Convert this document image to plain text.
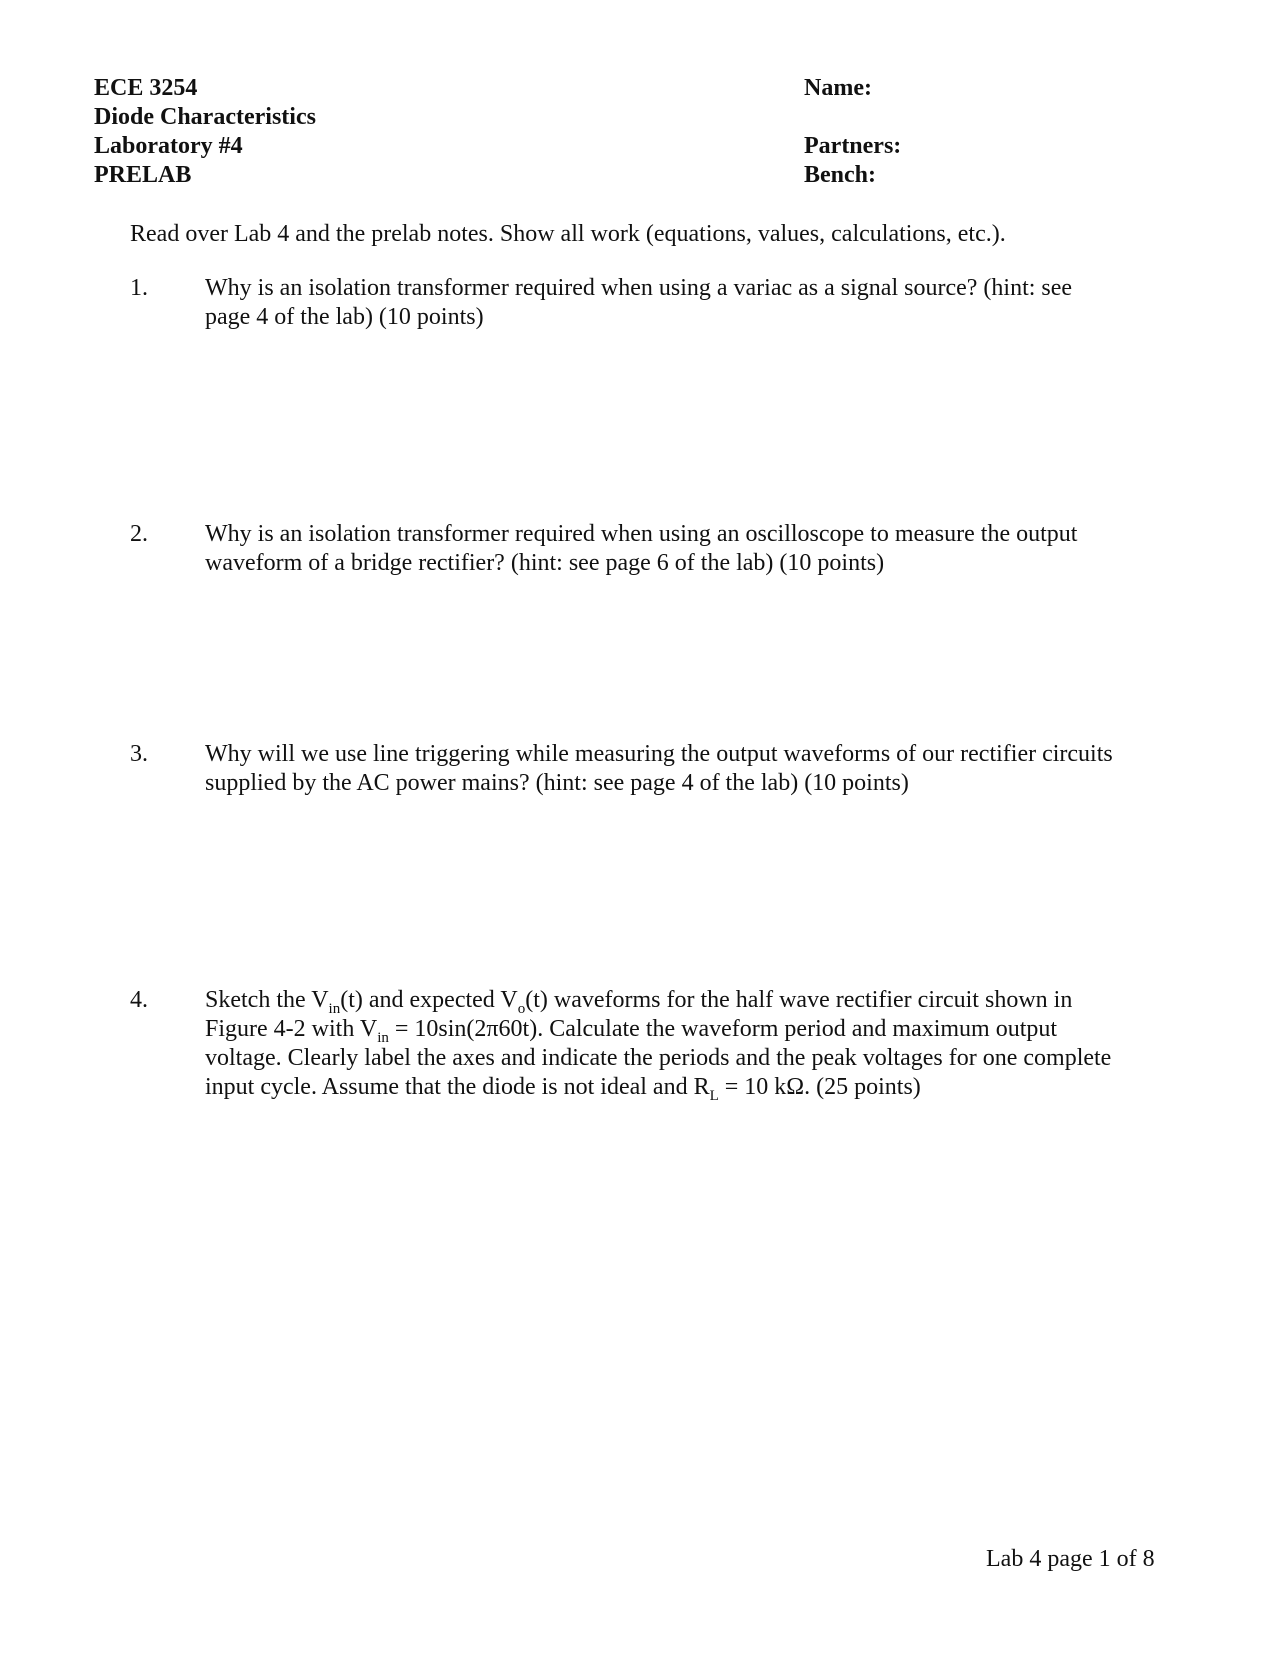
ECE 3254
Diode Characteristics
Laboratory #4
PRELAB
Name:
Partners:
Bench:
Read over Lab 4 and the prelab notes. Show all work (equations, values, calculations, etc.).
1. Why is an isolation transformer required when using a variac as a signal source? (hint: see
page 4 of the lab) (10 points)
2. Why is an isolation transformer required when using an oscilloscope to measure the output
waveform of a bridge rectifier? (hint: see page 6 of the lab) (10 points)
3. Why will we use line triggering while measuring the output waveforms of our rectifier circuits
supplied by the AC power mains? (hint: see page 4 of the lab) (10 points)
4. Sketch the $V_{in}(t)$ and expected $V_o(t)$ waveforms for the half wave rectifier circuit shown in
Figure 4-2 with $V_{in} = 10\sin(2\pi 60t)$. Calculate the waveform period and maximum output
voltage. Clearly label the axes and indicate the periods and the peak voltages for one complete
input cycle. Assume that the diode is not ideal and $R_L = 10$ kΩ. (25 points)
Lab 4 page 1 of 8
